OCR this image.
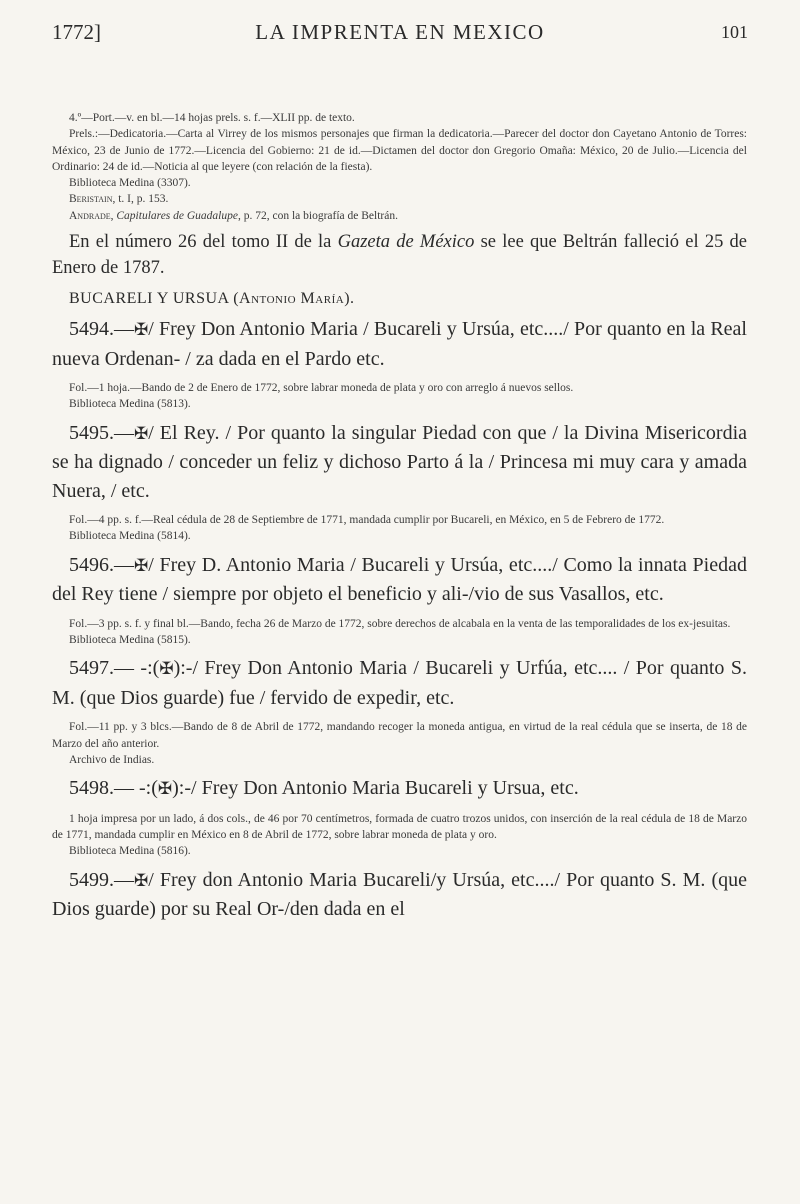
1772]	LA IMPRENTA EN MEXICO	101

4.º—Port.—v. en bl.—14 hojas prels. s. f.—XLII pp. de texto.

Prels.:—Dedicatoria.—Carta al Virrey de los mismos personajes que firman la dedicatoria.—Parecer del doctor don Cayetano Antonio de Torres: México, 23 de Junio de 1772.—Licencia del Gobierno: 21 de id.—Dictamen del doctor don Gregorio Omaña: México, 20 de Julio.—Licencia del Ordinario: 24 de id.—Noticia al que leyere (con relación de la fiesta).

Biblioteca Medina (3307).

Beristain, t. I, p. 153.

Andrade, Capitulares de Guadalupe, p. 72, con la biografía de Beltrán.

En el número 26 del tomo II de la Gazeta de México se lee que Beltrán falleció el 25 de Enero de 1787.

BUCARELI Y URSUA (Antonio María).

5494.—✠/ Frey Don Antonio Maria / Bucareli y Ursúa, etc..../ Por quanto en la Real nueva Ordenan- / za dada en el Pardo etc.

Fol.—1 hoja.—Bando de 2 de Enero de 1772, sobre labrar moneda de plata y oro con arreglo á nuevos sellos.

Biblioteca Medina (5813).

5495.—✠/ El Rey. / Por quanto la singular Piedad con que / la Divina Misericordia se ha dignado / conceder un feliz y dichoso Parto á la / Princesa mi muy cara y amada Nuera, / etc.

Fol.—4 pp. s. f.—Real cédula de 28 de Septiembre de 1771, mandada cumplir por Bucareli, en México, en 5 de Febrero de 1772.

Biblioteca Medina (5814).

5496.—✠/ Frey D. Antonio Maria / Bucareli y Ursúa, etc..../ Como la innata Piedad del Rey tiene / siempre por objeto el beneficio y ali-/vio de sus Vasallos, etc.

Fol.—3 pp. s. f. y final bl.—Bando, fecha 26 de Marzo de 1772, sobre derechos de alcabala en la venta de las temporalidades de los ex-jesuitas.

Biblioteca Medina (5815).

5497.— -:(✠):-/ Frey Don Antonio Maria / Bucareli y Urfúa, etc.... / Por quanto S. M. (que Dios guarde) fue / fervido de expedir, etc.

Fol.—11 pp. y 3 blcs.—Bando de 8 de Abril de 1772, mandando recoger la moneda antigua, en virtud de la real cédula que se inserta, de 18 de Marzo del año anterior.

Archivo de Indias.

5498.— -:(✠):-/ Frey Don Antonio Maria Bucareli y Ursua, etc.

1 hoja impresa por un lado, á dos cols., de 46 por 70 centímetros, formada de cuatro trozos unidos, con inserción de la real cédula de 18 de Marzo de 1771, mandada cumplir en México en 8 de Abril de 1772, sobre labrar moneda de plata y oro.

Biblioteca Medina (5816).

5499.—✠/ Frey don Antonio Maria Bucareli/y Ursúa, etc..../ Por quanto S. M. (que Dios guarde) por su Real Or-/den dada en el
